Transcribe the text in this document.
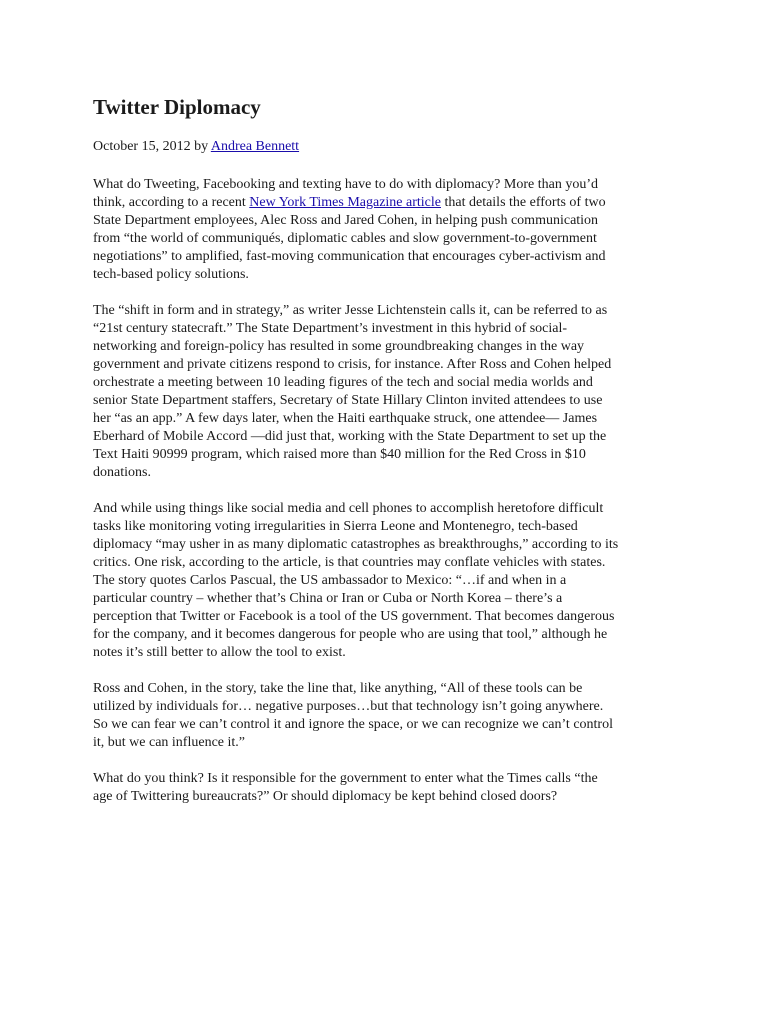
Twitter Diplomacy
October 15, 2012 by Andrea Bennett

What do Tweeting, Facebooking and texting have to do with diplomacy? More than you’d
think, according to a recent New York Times Magazine article that details the efforts of two
State Department employees, Alec Ross and Jared Cohen, in helping push communication
from “the world of communiqués, diplomatic cables and slow government-to-government
negotiations” to amplified, fast-moving communication that encourages cyber-activism and
tech-based policy solutions.

The “shift in form and in strategy,” as writer Jesse Lichtenstein calls it, can be referred to as
“21st century statecraft.” The State Department’s investment in this hybrid of social-
networking and foreign-policy has resulted in some groundbreaking changes in the way
government and private citizens respond to crisis, for instance. After Ross and Cohen helped
orchestrate a meeting between 10 leading figures of the tech and social media worlds and
senior State Department staffers, Secretary of State Hillary Clinton invited attendees to use
her “as an app.” A few days later, when the Haiti earthquake struck, one attendee— James
Eberhard of Mobile Accord —did just that, working with the State Department to set up the
Text Haiti 90999 program, which raised more than $40 million for the Red Cross in $10
donations.

And while using things like social media and cell phones to accomplish heretofore difficult
tasks like monitoring voting irregularities in Sierra Leone and Montenegro, tech-based
diplomacy “may usher in as many diplomatic catastrophes as breakthroughs,” according to its
critics. One risk, according to the article, is that countries may conflate vehicles with states.
The story quotes Carlos Pascual, the US ambassador to Mexico: “…if and when in a
particular country – whether that’s China or Iran or Cuba or North Korea – there’s a
perception that Twitter or Facebook is a tool of the US government. That becomes dangerous
for the company, and it becomes dangerous for people who are using that tool,” although he
notes it’s still better to allow the tool to exist.

Ross and Cohen, in the story, take the line that, like anything, “All of these tools can be
utilized by individuals for… negative purposes…but that technology isn’t going anywhere.
So we can fear we can’t control it and ignore the space, or we can recognize we can’t control
it, but we can influence it.”

What do you think? Is it responsible for the government to enter what the Times calls “the
age of Twittering bureaucrats?” Or should diplomacy be kept behind closed doors?
